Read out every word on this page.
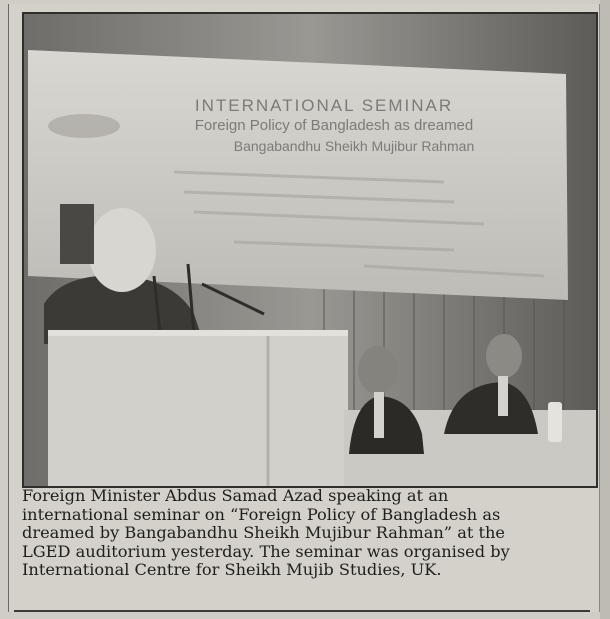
INTERNATIONAL SEMINAR
Foreign Policy of Bangladesh as dreamed
Bangabandhu Sheikh Mujibur Rahman
Foreign Minister Abdus Samad Azad speaking at an
international seminar on “Foreign Policy of Bangladesh as
dreamed by Bangabandhu Sheikh Mujibur Rahman” at the
LGED auditorium yesterday. The seminar was organised by
International Centre for Sheikh Mujib Studies, UK.
